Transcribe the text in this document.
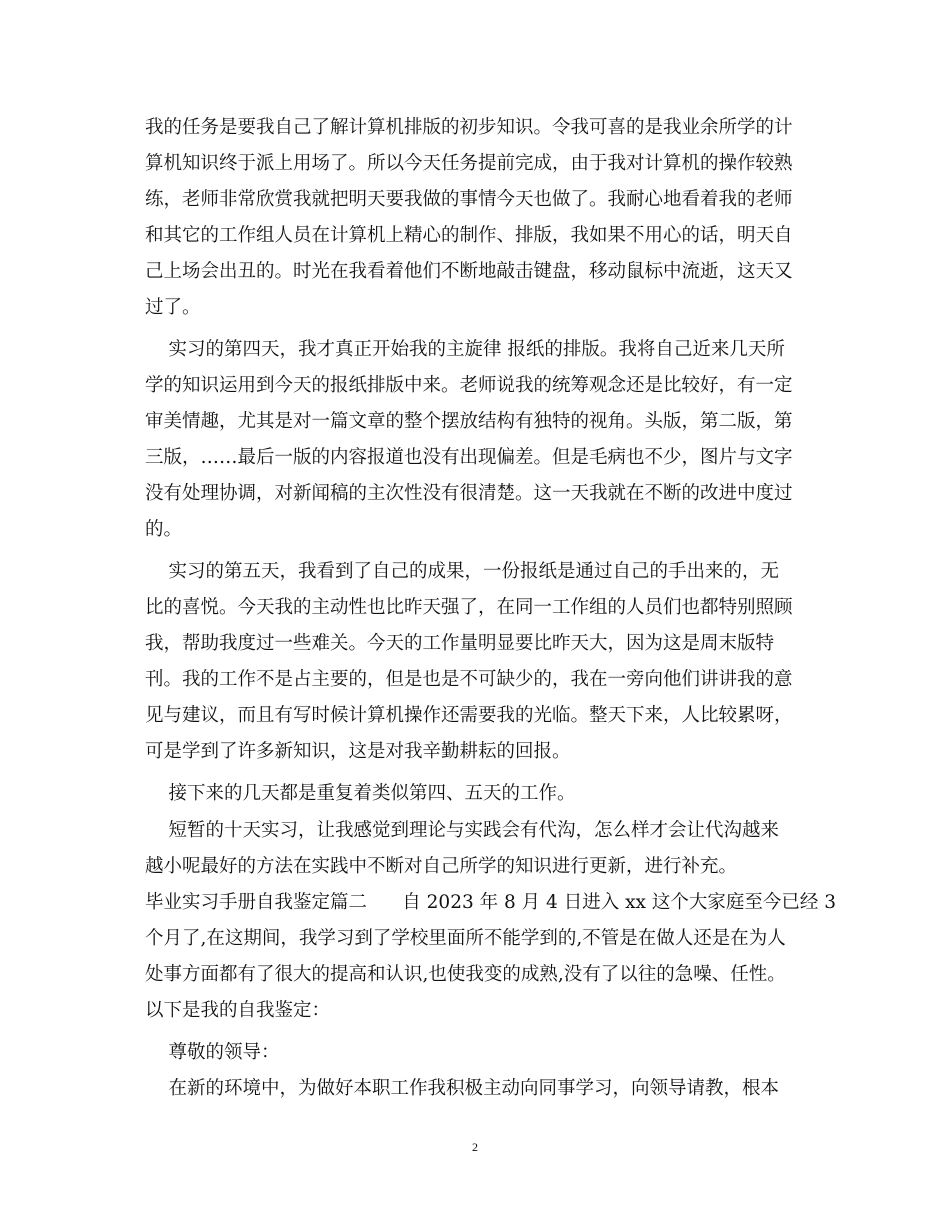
我的任务是要我自己了解计算机排版的初步知识。令我可喜的是我业余所学的计
算机知识终于派上用场了。所以今天任务提前完成，由于我对计算机的操作较熟
练，老师非常欣赏我就把明天要我做的事情今天也做了。我耐心地看着我的老师
和其它的工作组人员在计算机上精心的制作、排版，我如果不用心的话，明天自
己上场会出丑的。时光在我看着他们不断地敲击键盘，移动鼠标中流逝，这天又
过了。
实习的第四天，我才真正开始我的主旋律 报纸的排版。我将自己近来几天所
学的知识运用到今天的报纸排版中来。老师说我的统筹观念还是比较好，有一定
审美情趣，尤其是对一篇文章的整个摆放结构有独特的视角。头版，第二版，第
三版，……最后一版的内容报道也没有出现偏差。但是毛病也不少，图片与文字
没有处理协调，对新闻稿的主次性没有很清楚。这一天我就在不断的改进中度过
的。
实习的第五天，我看到了自己的成果，一份报纸是通过自己的手出来的，无
比的喜悦。今天我的主动性也比昨天强了，在同一工作组的人员们也都特别照顾
我，帮助我度过一些难关。今天的工作量明显要比昨天大，因为这是周末版特
刊。我的工作不是占主要的，但是也是不可缺少的，我在一旁向他们讲讲我的意
见与建议，而且有写时候计算机操作还需要我的光临。整天下来，人比较累呀，
可是学到了许多新知识，这是对我辛勤耕耘的回报。
接下来的几天都是重复着类似第四、五天的工作。
短暂的十天实习，让我感觉到理论与实践会有代沟，怎么样才会让代沟越来
越小呢最好的方法在实践中不断对自己所学的知识进行更新，进行补充。
毕业实习手册自我鉴定篇二      自 2023 年 8 月 4 日进入 xx 这个大家庭至今已经 3
个月了,在这期间，我学习到了学校里面所不能学到的,不管是在做人还是在为人
处事方面都有了很大的提高和认识,也使我变的成熟,没有了以往的急噪、任性。
以下是我的自我鉴定：
尊敬的领导：
在新的环境中，为做好本职工作我积极主动向同事学习，向领导请教，根本
2
